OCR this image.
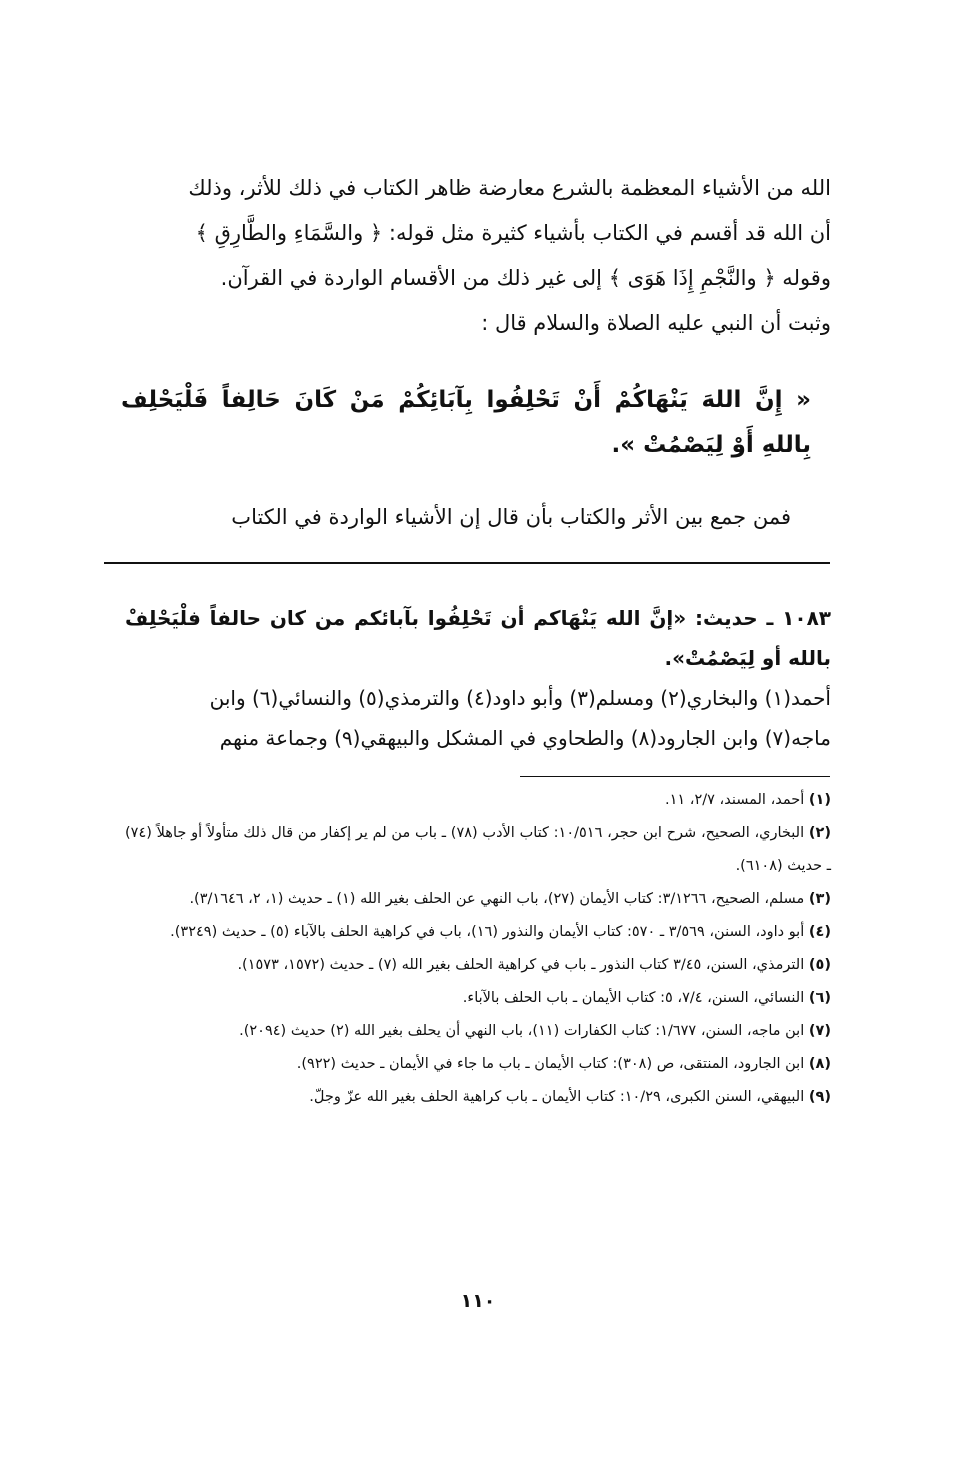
الله من الأشياء المعظمة بالشرع معارضة ظاهر الكتاب في ذلك للأثر، وذلك

أن الله قد أقسم في الكتاب بأشياء كثيرة مثل قوله: ﴿ والسَّمَاءِ والطَّارِقِ ﴾

وقوله ﴿ والنَّجْمِ إِذَا هَوَى ﴾ إلى غير ذلك من الأقسام الواردة في القرآن.

وثبت أن النبي عليه الصلاة والسلام قال :

« إِنَّ اللهَ يَنْهَاكُمْ أَنْ تَحْلِفُوا بِآبَائِكُمْ مَنْ كَانَ حَالِفاً فَلْيَحْلِف بِاللهِ أَوْ لِيَصْمُتْ ».

فمن جمع بين الأثر والكتاب بأن قال إن الأشياء الواردة في الكتاب

١٠٨٣ ـ حديث: «إنَّ الله يَنْهَاكم أن تَحْلِفُوا بآبائكم من كان حالفاً فلْيَحْلِفْ بالله أو لِيَصْمُتْ».

أحمد(١) والبخاري(٢) ومسلم(٣) وأبو داود(٤) والترمذي(٥) والنسائي(٦) وابن

ماجه(٧) وابن الجارود(٨) والطحاوي في المشكل والبيهقي(٩) وجماعة منهم

(١) أحمد، المسند، ٢/٧، ١١.

(٢) البخاري، الصحيح، شرح ابن حجر، ١٠/٥١٦: كتاب الأدب (٧٨) ـ باب من لم ير إكفار من قال ذلك متأولاً أو جاهلاً (٧٤) ـ حديث (٦١٠٨).

(٣) مسلم، الصحيح، ٣/١٢٦٦: كتاب الأيمان (٢٧)، باب النهي عن الحلف بغير الله (١) ـ حديث (١، ٢، ٣/١٦٤٦).

(٤) أبو داود، السنن، ٣/٥٦٩ ـ ٥٧٠: كتاب الأيمان والنذور (١٦)، باب في كراهية الحلف بالآباء (٥) ـ حديث (٣٢٤٩).

(٥) الترمذي، السنن، ٣/٤٥ كتاب النذور ـ باب في كراهية الحلف بغير الله (٧) ـ حديث (١٥٧٢، ١٥٧٣).

(٦) النسائي، السنن، ٧/٤، ٥: كتاب الأيمان ـ باب الحلف بالآباء.

(٧) ابن ماجه، السنن، ١/٦٧٧: كتاب الكفارات (١١)، باب النهي أن يحلف بغير الله (٢) حديث (٢٠٩٤).

(٨) ابن الجارود، المنتقى، ص (٣٠٨): كتاب الأيمان ـ باب ما جاء في الأيمان ـ حديث (٩٢٢).

(٩) البيهقي، السنن الكبرى، ١٠/٢٩: كتاب الأيمان ـ باب كراهية الحلف بغير الله عزّ وجلّ.

١١٠
